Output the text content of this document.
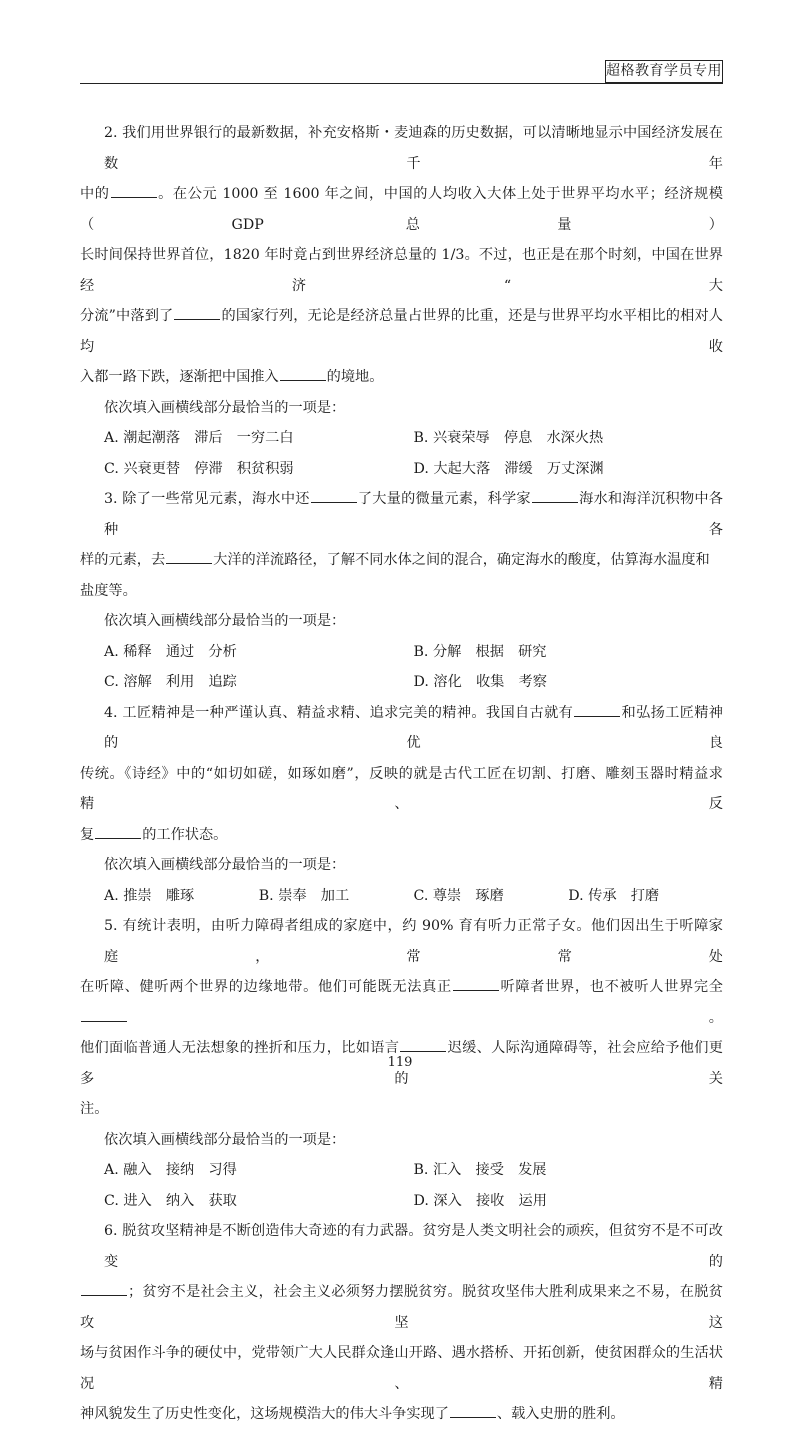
超格教育学员专用
2. 我们用世界银行的最新数据，补充安格斯・麦迪森的历史数据，可以清晰地显示中国经济发展在数千年
中的	。在公元 1000 至 1600 年之间，中国的人均收入大体上处于世界平均水平；经济规模（GDP 总量）
长时间保持世界首位，1820 年时竟占到世界经济总量的 1/3。不过，也正是在那个时刻，中国在世界经济“大
分流”中落到了	的国家行列，无论是经济总量占世界的比重，还是与世界平均水平相比的相对人均收
入都一路下跌，逐渐把中国推入	的境地。
依次填入画横线部分最恰当的一项是：
A. 潮起潮落　滞后　一穷二白	B. 兴衰荣辱　停息　水深火热
C. 兴衰更替　停滞　积贫积弱	D. 大起大落　滞缓　万丈深渊
3. 除了一些常见元素，海水中还	了大量的微量元素，科学家	海水和海洋沉积物中各种各
样的元素，去	大洋的洋流路径，了解不同水体之间的混合，确定海水的酸度，估算海水温度和盐度等。
依次填入画横线部分最恰当的一项是：
A. 稀释　通过　分析	B. 分解　根据　研究
C. 溶解　利用　追踪	D. 溶化　收集　考察
4. 工匠精神是一种严谨认真、精益求精、追求完美的精神。我国自古就有	和弘扬工匠精神的优良
传统。《诗经》中的“如切如磋，如琢如磨”，反映的就是古代工匠在切割、打磨、雕刻玉器时精益求精、反
复	的工作状态。
依次填入画横线部分最恰当的一项是：
A. 推崇　雕琢	B. 崇奉　加工	C. 尊崇　琢磨	D. 传承　打磨
5. 有统计表明，由听力障碍者组成的家庭中，约 90% 育有听力正常子女。他们因出生于听障家庭，常常处
在听障、健听两个世界的边缘地带。他们可能既无法真正	听障者世界，也不被听人世界完全。
他们面临普通人无法想象的挫折和压力，比如语言	迟缓、人际沟通障碍等，社会应给予他们更多的关
注。
依次填入画横线部分最恰当的一项是：
A. 融入　接纳　习得	B. 汇入　接受　发展
C. 进入　纳入　获取	D. 深入　接收　运用
6. 脱贫攻坚精神是不断创造伟大奇迹的有力武器。贫穷是人类文明社会的顽疾，但贫穷不是不可改变的
；贫穷不是社会主义，社会主义必须努力摆脱贫穷。脱贫攻坚伟大胜利成果来之不易，在脱贫攻坚这
场与贫困作斗争的硬仗中，党带领广大人民群众逢山开路、遇水搭桥、开拓创新，使贫困群众的生活状况、精
神风貌发生了历史性变化，这场规模浩大的伟大斗争实现了	、载入史册的胜利。
119
